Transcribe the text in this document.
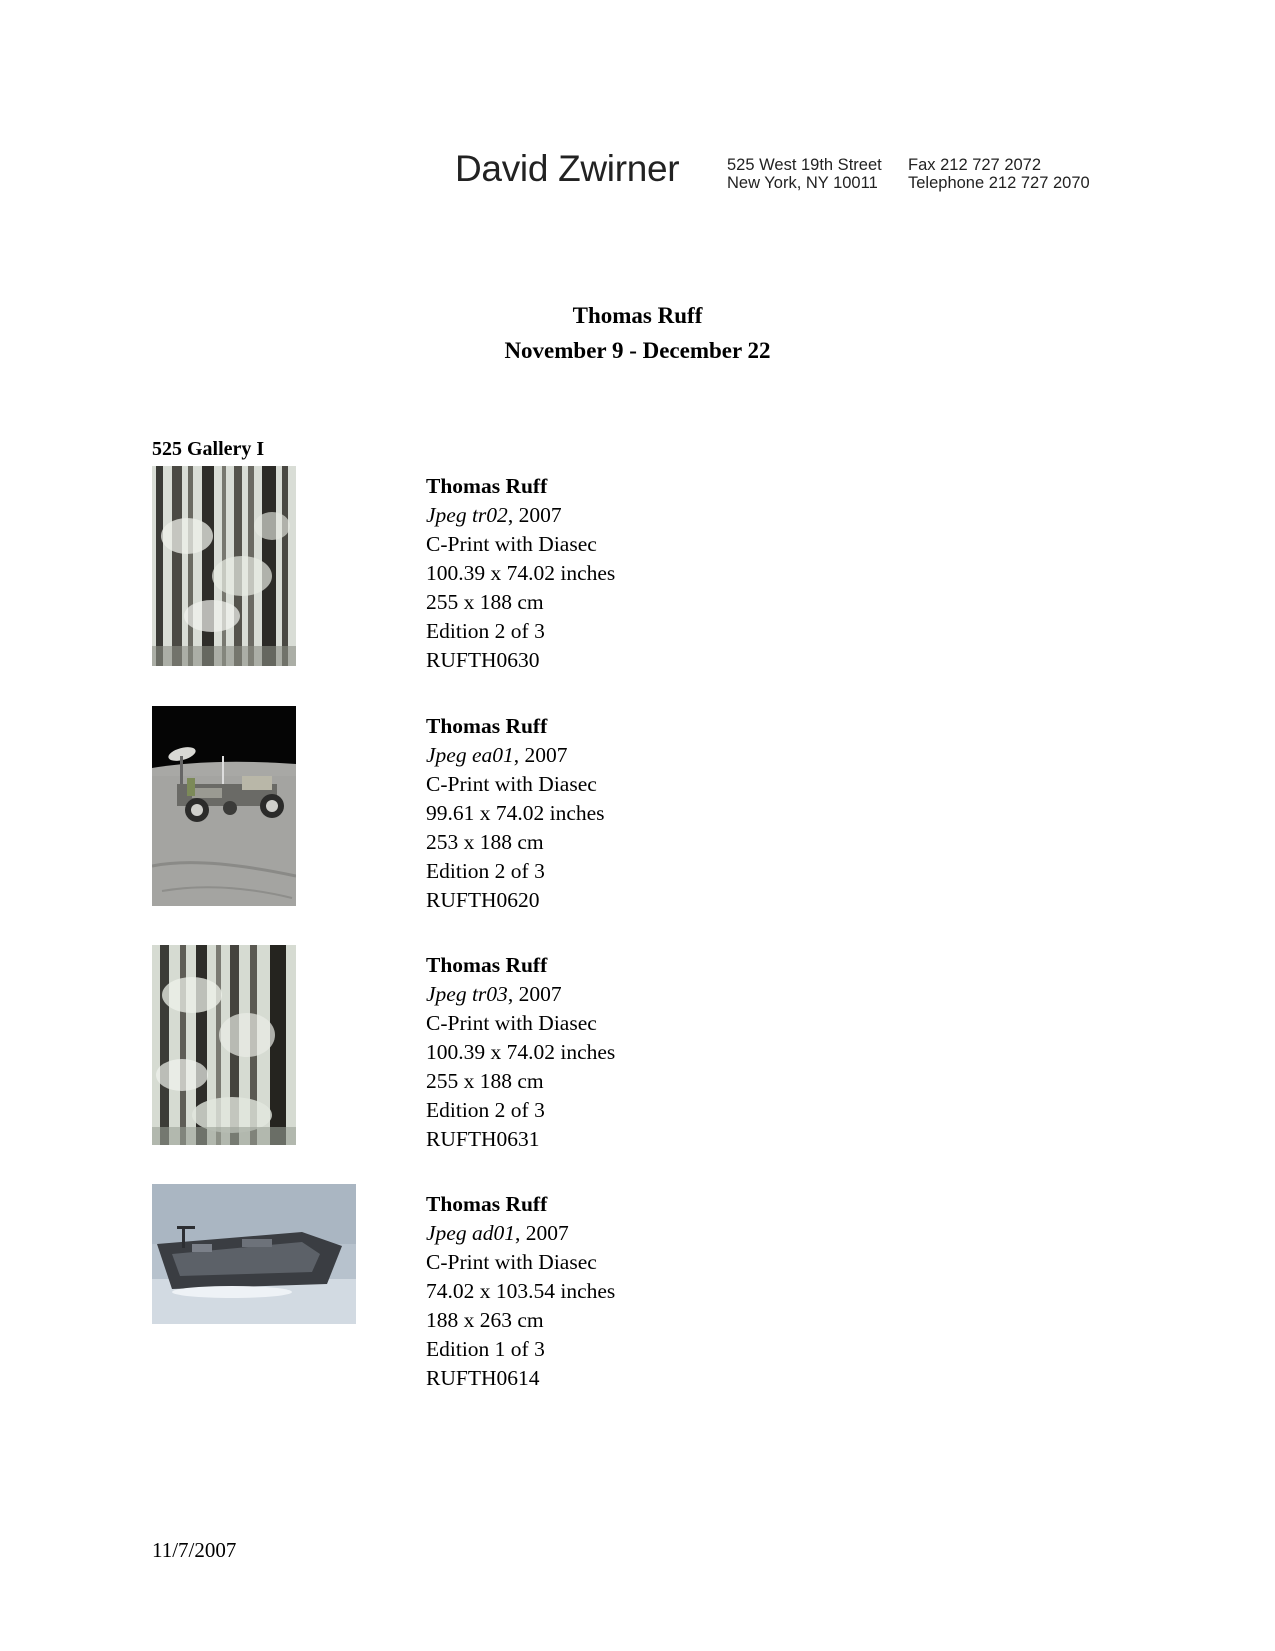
David Zwirner	525 West 19th Street
New York, NY 10011
Fax 212 727 2072
Telephone 212 727 2070
Thomas Ruff
November 9 - December 22
525 Gallery I
Thomas Ruff
Jpeg tr02, 2007
C-Print with Diasec
100.39 x 74.02 inches
255 x 188 cm
Edition 2 of 3
RUFTH0630
Thomas Ruff
Jpeg ea01, 2007
C-Print with Diasec
99.61 x 74.02 inches
253 x 188 cm
Edition 2 of 3
RUFTH0620
Thomas Ruff
Jpeg tr03, 2007
C-Print with Diasec
100.39 x 74.02 inches
255 x 188 cm
Edition 2 of 3
RUFTH0631
Thomas Ruff
Jpeg ad01, 2007
C-Print with Diasec
74.02 x 103.54 inches
188 x 263 cm
Edition 1 of 3
RUFTH0614
11/7/2007
